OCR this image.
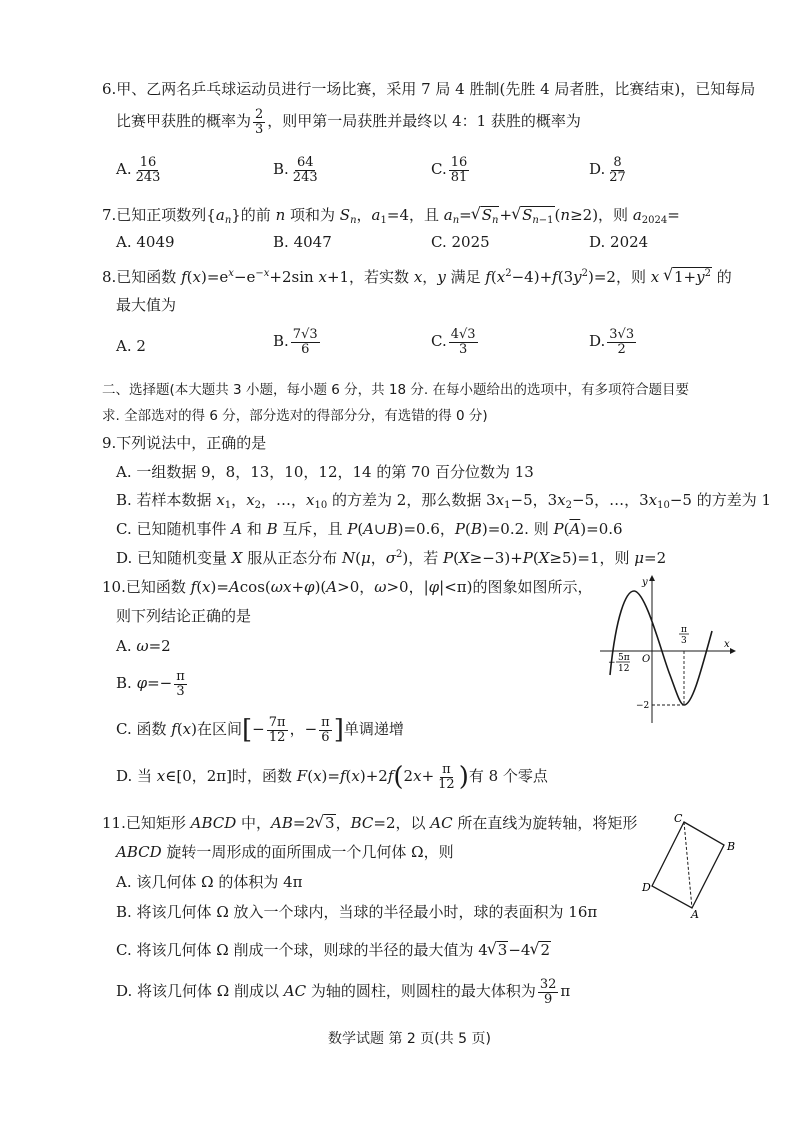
6.甲、乙两名乒乓球运动员进行一场比赛，采用 7 局 4 胜制(先胜 4 局者胜，比赛结束)，已知每局
比赛甲获胜的概率为 $\frac{2}{3}$ ，则甲第一局获胜并最终以 4：1 获胜的概率为
A. $\frac{16}{243}$	B. $\frac{64}{243}$	C. $\frac{16}{81}$	D. $\frac{8}{27}$
7.已知正项数列$\{a_n\}$的前 n 项和为 $S_n$，$a_1=4$，且 $a_n=$ √ $S_n+$ √ $S_{n-1}(n\ge 2)$，则 $a_{2024}=$
A. 4049	B. 4047	C. 2025	D. 2024
8.已知函数 $f(x)=e^x-e^{-x}+2\sin$ x+1，若实数 x，y 满足 $f(x^2-4)+f(3y^2)=2$，则 x √ $1+y^2$ 的
最大值为
A. 2	B. $\frac{7√3}{6}$	C. $\frac{4√3}{3}$	D. $\frac{3√3}{2}$
二、选择题(本大题共 3 小题，每小题 6 分，共 18 分. 在每小题给出的选项中，有多项符合题目要
求. 全部选对的得 6 分，部分选对的得部分分，有选错的得 0 分)
9.下列说法中，正确的是
A. 一组数据 9，8，13，10，12，14 的第 70 百分位数为 13
B. 若样本数据 $x_1$，$x_2$，…，$x_{10}$ 的方差为 2，那么数据 $3x_1-5$，$3x_2-5$，…，$3x_{10}-5$ 的方差为 1
C. 已知随机事件 A 和 B 互斥，且 P(A∪B)=0.6，P(B)=0.2. 则 $P(\overline{A})=0.6$
D. 已知随机变量 X 服从正态分布 N(μ，$\sigma^2$)，若 P(X≥−3)+P(X≥5)=1，则 μ=2
10.已知函数 f(x)=Acos(ωx+φ)(A>0，ω>0，|φ|<π)的图象如图所示，
则下列结论正确的是
A. ω=2
B. $\varphi=- \frac{\pi}{3}$
C. 函数 f(x)在区间[− $\frac{7\pi}{12}$ ，− $\frac{\pi}{6}$ ]单调递增
D. 当 x∈[0，2π]时，函数 $F(x)=f(x)+2f(2x+ \frac{\pi}{12}$ )有 8 个零点
y
x
O
5π
12
−
π
3
−2
11.已知矩形 ABCD 中，AB=2 √ 3，BC=2，以 AC 所在直线为旋转轴，将矩形
ABCD 旋转一周形成的面所围成一个几何体 Ω，则
A. 该几何体 Ω 的体积为 4π
B. 将该几何体 Ω 放入一个球内，当球的半径最小时，球的表面积为 16π
C. 将该几何体 Ω 削成一个球，则球的半径的最大值为 4 √ 3−4 √ 2
D. 将该几何体 Ω 削成以 AC 为轴的圆柱，则圆柱的最大体积为 $\frac{32}{9}$ π
C
B
D
A
数学试题 第 2 页(共 5 页)
